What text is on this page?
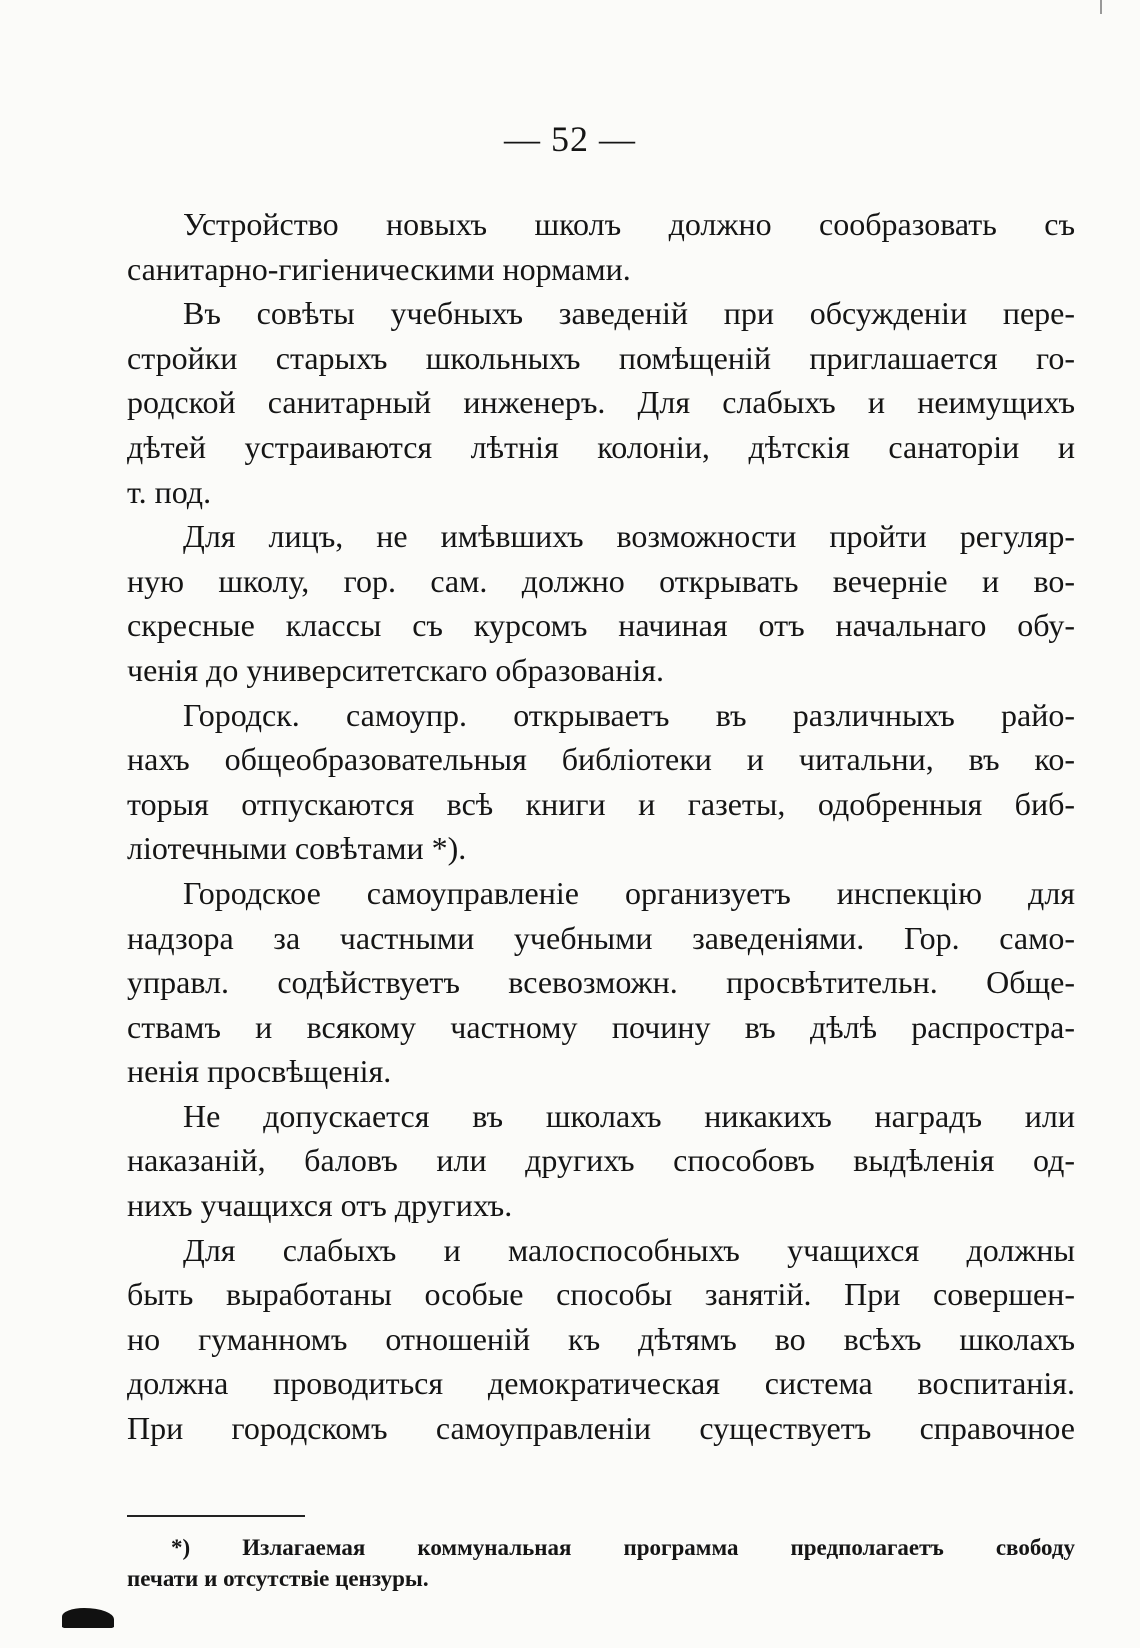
— 52 —
Устройство новыхъ школъ должно сообразовать съ
санитарно-гигіеническими нормами.
Въ совѣты учебныхъ заведеній при обсужденіи пере-
стройки старыхъ школьныхъ помѣщеній приглашается го-
родской санитарный инженеръ. Для слабыхъ и неимущихъ
дѣтей устраиваются лѣтнія колоніи, дѣтскія санаторіи и
т. под.
Для лицъ, не имѣвшихъ возможности пройти регуляр-
ную школу, гор. сам. должно открывать вечерніе и во-
скресные классы съ курсомъ начиная отъ начальнаго обу-
ченія до университетскаго образованія.
Городск. самоупр. открываетъ въ различныхъ райо-
нахъ общеобразовательныя библіотеки и читальни, въ ко-
торыя отпускаются всѣ книги и газеты, одобренныя биб-
ліотечными совѣтами *).
Городское самоуправленіе организуетъ инспекцію для
надзора за частными учебными заведеніями. Гор. само-
управл. содѣйствуетъ всевозможн. просвѣтительн. Обще-
ствамъ и всякому частному почину въ дѣлѣ распростра-
ненія просвѣщенія.
Не допускается въ школахъ никакихъ наградъ или
наказаній, баловъ или другихъ способовъ выдѣленія од-
нихъ учащихся отъ другихъ.
Для слабыхъ и малоспособныхъ учащихся должны
быть выработаны особые способы занятій. При совершен-
но гуманномъ отношеній къ дѣтямъ во всѣхъ школахъ
должна проводиться демократическая система воспитанія.
При городскомъ самоуправленіи существуетъ справочное
*) Излагаемая коммунальная программа предполагаетъ свободу
печати и отсутствіе цензуры.
